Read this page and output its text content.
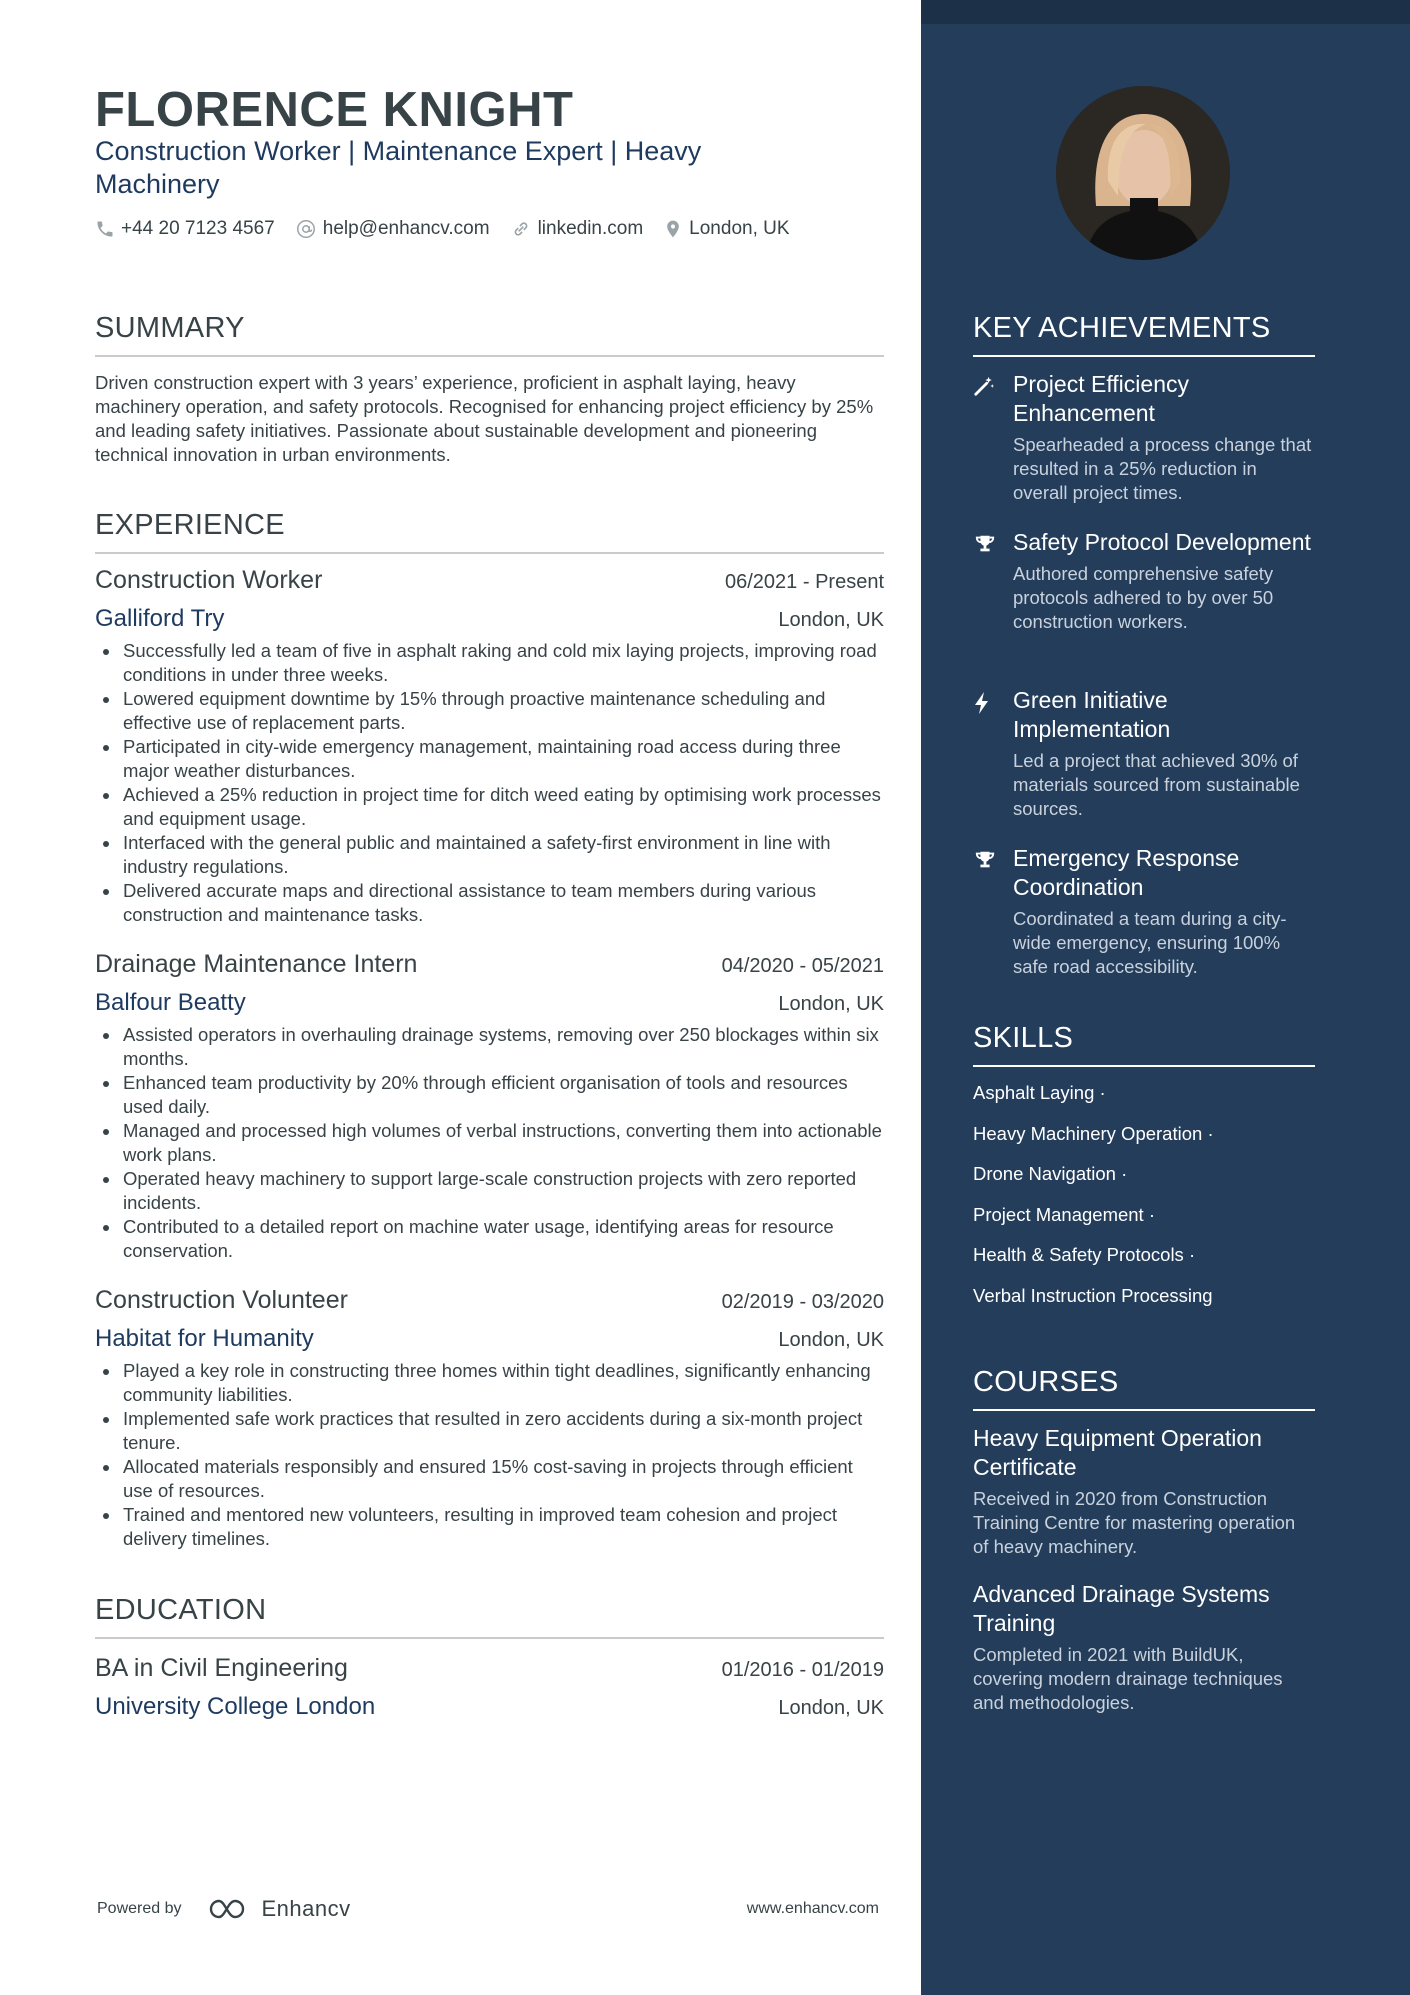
FLORENCE KNIGHT
Construction Worker | Maintenance Expert | Heavy Machinery
+44 20 7123 4567	help@enhancv.com	linkedin.com London, UK
SUMMARY
Driven construction expert with 3 years’ experience, proficient in asphalt laying, heavy machinery operation, and safety protocols. Recognised for enhancing project efficiency by 25% and leading safety initiatives. Passionate about sustainable development and pioneering technical innovation in urban environments.
EXPERIENCE
Construction Worker	06/2021 - Present
Galliford Try	London, UK
Successfully led a team of five in asphalt raking and cold mix laying projects, improving road conditions in under three weeks.
Lowered equipment downtime by 15% through proactive maintenance scheduling and effective use of replacement parts.
Participated in city-wide emergency management, maintaining road access during three major weather disturbances.
Achieved a 25% reduction in project time for ditch weed eating by optimising work processes and equipment usage.
Interfaced with the general public and maintained a safety-first environment in line with industry regulations.
Delivered accurate maps and directional assistance to team members during various construction and maintenance tasks.
Drainage Maintenance Intern	04/2020 - 05/2021
Balfour Beatty	London, UK
Assisted operators in overhauling drainage systems, removing over 250 blockages within six months.
Enhanced team productivity by 20% through efficient organisation of tools and resources used daily.
Managed and processed high volumes of verbal instructions, converting them into actionable work plans.
Operated heavy machinery to support large-scale construction projects with zero reported incidents.
Contributed to a detailed report on machine water usage, identifying areas for resource conservation.
Construction Volunteer	02/2019 - 03/2020
Habitat for Humanity	London, UK
Played a key role in constructing three homes within tight deadlines, significantly enhancing community liabilities.
Implemented safe work practices that resulted in zero accidents during a six-month project tenure.
Allocated materials responsibly and ensured 15% cost-saving in projects through efficient use of resources.
Trained and mentored new volunteers, resulting in improved team cohesion and project delivery timelines.
EDUCATION
BA in Civil Engineering	01/2016 - 01/2019
University College London	London, UK
Powered by	Enhancv	www.enhancv.com
KEY ACHIEVEMENTS
Project Efficiency Enhancement
Spearheaded a process change that resulted in a 25% reduction in overall project times.
Safety Protocol Development
Authored comprehensive safety protocols adhered to by over 50 construction workers.
Green Initiative Implementation
Led a project that achieved 30% of materials sourced from sustainable sources.
Emergency Response Coordination
Coordinated a team during a city-wide emergency, ensuring 100% safe road accessibility.
SKILLS
Asphalt Laying ·
Heavy Machinery Operation ·
Drone Navigation ·
Project Management ·
Health & Safety Protocols ·
Verbal Instruction Processing
COURSES
Heavy Equipment Operation Certificate
Received in 2020 from Construction Training Centre for mastering operation of heavy machinery.
Advanced Drainage Systems Training
Completed in 2021 with BuildUK, covering modern drainage techniques and methodologies.
